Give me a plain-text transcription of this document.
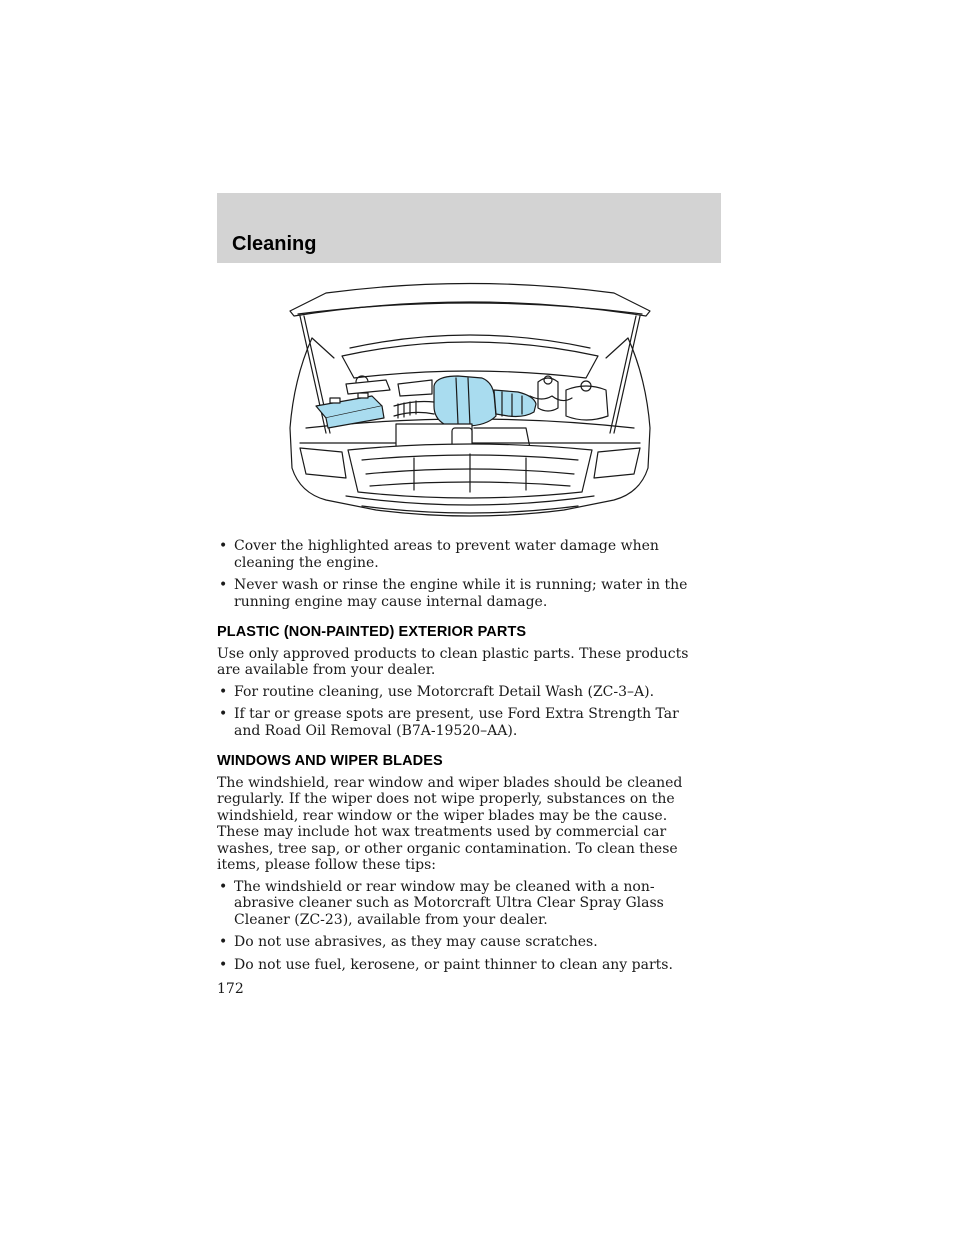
Cleaning
• Cover the highlighted areas to prevent water damage when cleaning the engine.
• Never wash or rinse the engine while it is running; water in the running engine may cause internal damage.
PLASTIC (NON-PAINTED) EXTERIOR PARTS

Use only approved products to clean plastic parts. These products are available from your dealer.

• For routine cleaning, use Motorcraft Detail Wash (ZC-3–A).
• If tar or grease spots are present, use Ford Extra Strength Tar and Road Oil Removal (B7A-19520–AA).
WINDOWS AND WIPER BLADES

The windshield, rear window and wiper blades should be cleaned regularly. If the wiper does not wipe properly, substances on the windshield, rear window or the wiper blades may be the cause. These may include hot wax treatments used by commercial car washes, tree sap, or other organic contamination. To clean these items, please follow these tips:

• The windshield or rear window may be cleaned with a non-abrasive cleaner such as Motorcraft Ultra Clear Spray Glass Cleaner (ZC-23), available from your dealer.
• Do not use abrasives, as they may cause scratches.
• Do not use fuel, kerosene, or paint thinner to clean any parts.
172
